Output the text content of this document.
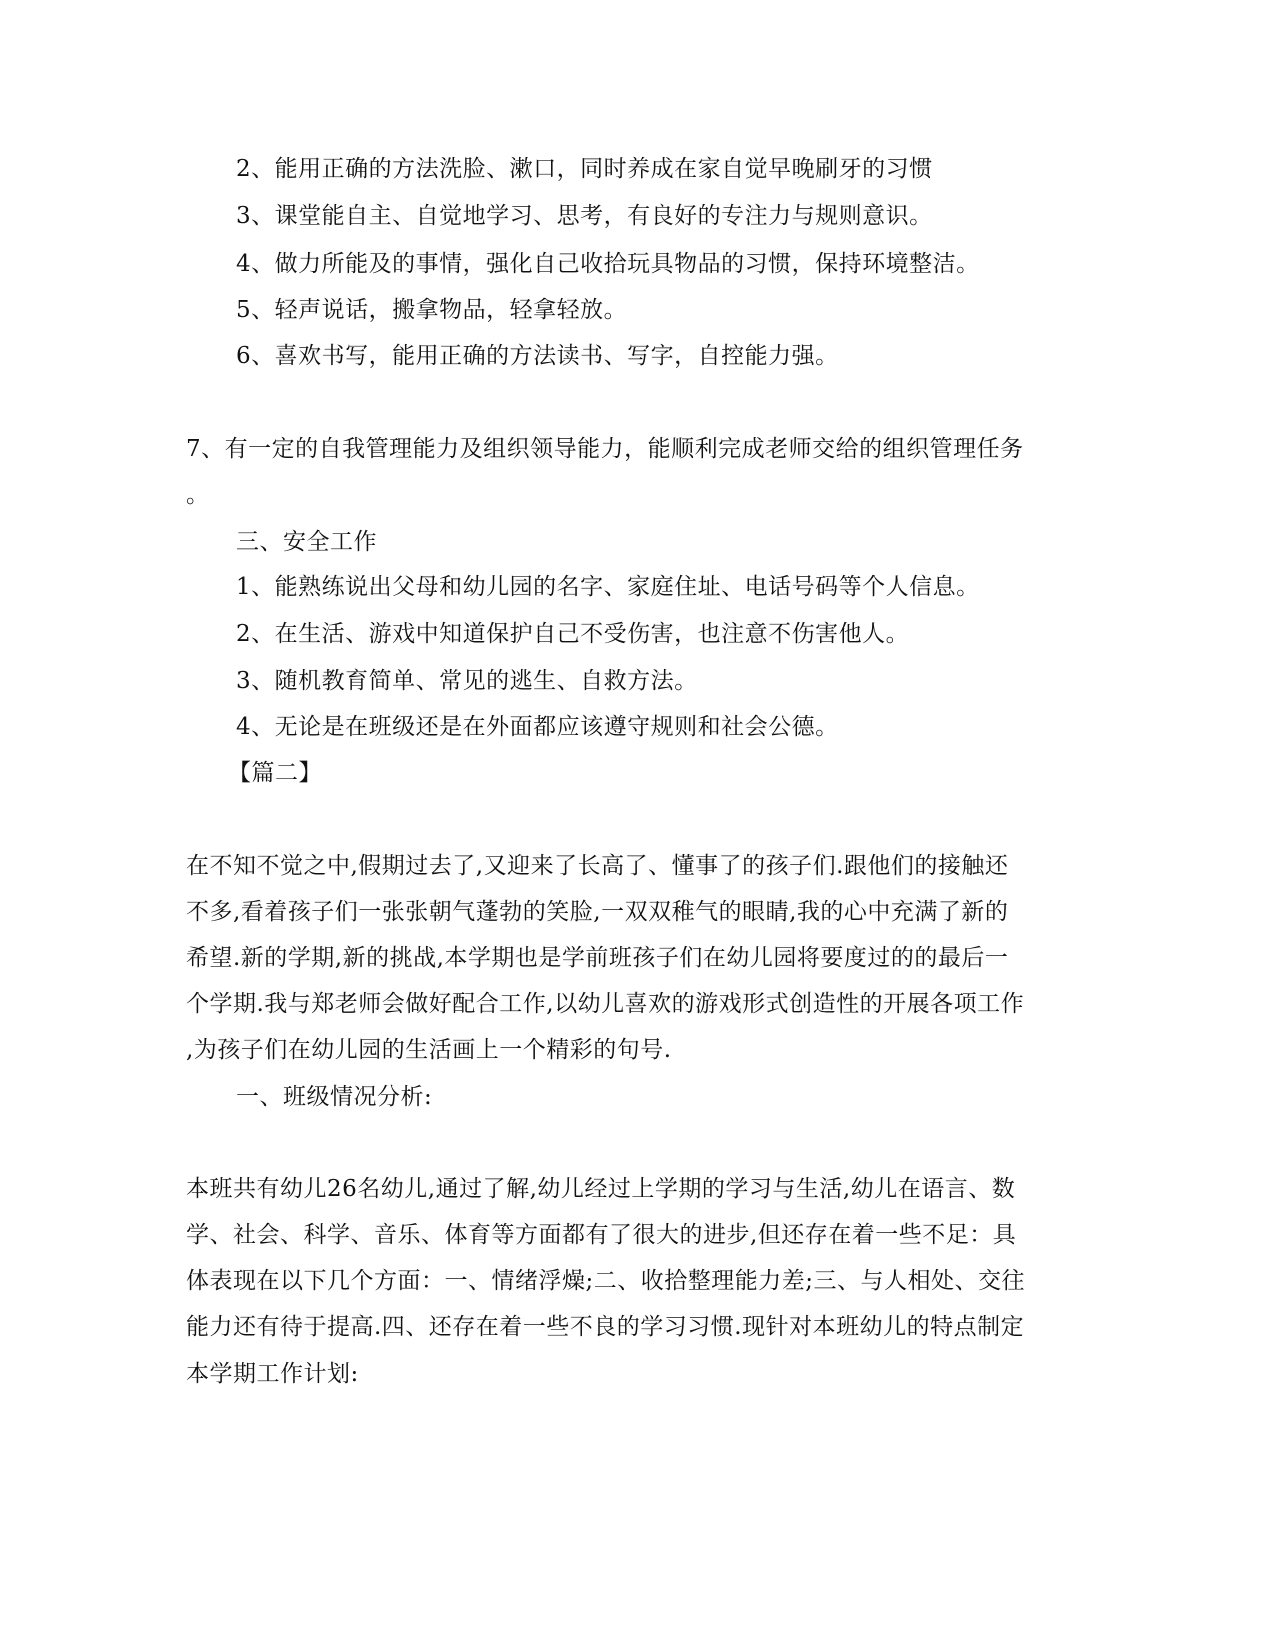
2、能用正确的方法洗脸、漱口，同时养成在家自觉早晚刷牙的习惯
3、课堂能自主、自觉地学习、思考，有良好的专注力与规则意识。
4、做力所能及的事情，强化自己收拾玩具物品的习惯，保持环境整洁。
5、轻声说话，搬拿物品，轻拿轻放。
6、喜欢书写，能用正确的方法读书、写字，自控能力强。
7、有一定的自我管理能力及组织领导能力，能顺利完成老师交给的组织管理任务
。
三、安全工作
1、能熟练说出父母和幼儿园的名字、家庭住址、电话号码等个人信息。
2、在生活、游戏中知道保护自己不受伤害，也注意不伤害他人。
3、随机教育简单、常见的逃生、自救方法。
4、无论是在班级还是在外面都应该遵守规则和社会公德。
【篇二】
在不知不觉之中,假期过去了,又迎来了长高了、懂事了的孩子们.跟他们的接触还
不多,看着孩子们一张张朝气蓬勃的笑脸,一双双稚气的眼睛,我的心中充满了新的
希望.新的学期,新的挑战,本学期也是学前班孩子们在幼儿园将要度过的的最后一
个学期.我与郑老师会做好配合工作,以幼儿喜欢的游戏形式创造性的开展各项工作
,为孩子们在幼儿园的生活画上一个精彩的句号.
一、班级情况分析:
本班共有幼儿26名幼儿,通过了解,幼儿经过上学期的学习与生活,幼儿在语言、数
学、社会、科学、音乐、体育等方面都有了很大的进步,但还存在着一些不足：具
体表现在以下几个方面：一、情绪浮燥;二、收拾整理能力差;三、与人相处、交往
能力还有待于提高.四、还存在着一些不良的学习习惯.现针对本班幼儿的特点制定
本学期工作计划:
